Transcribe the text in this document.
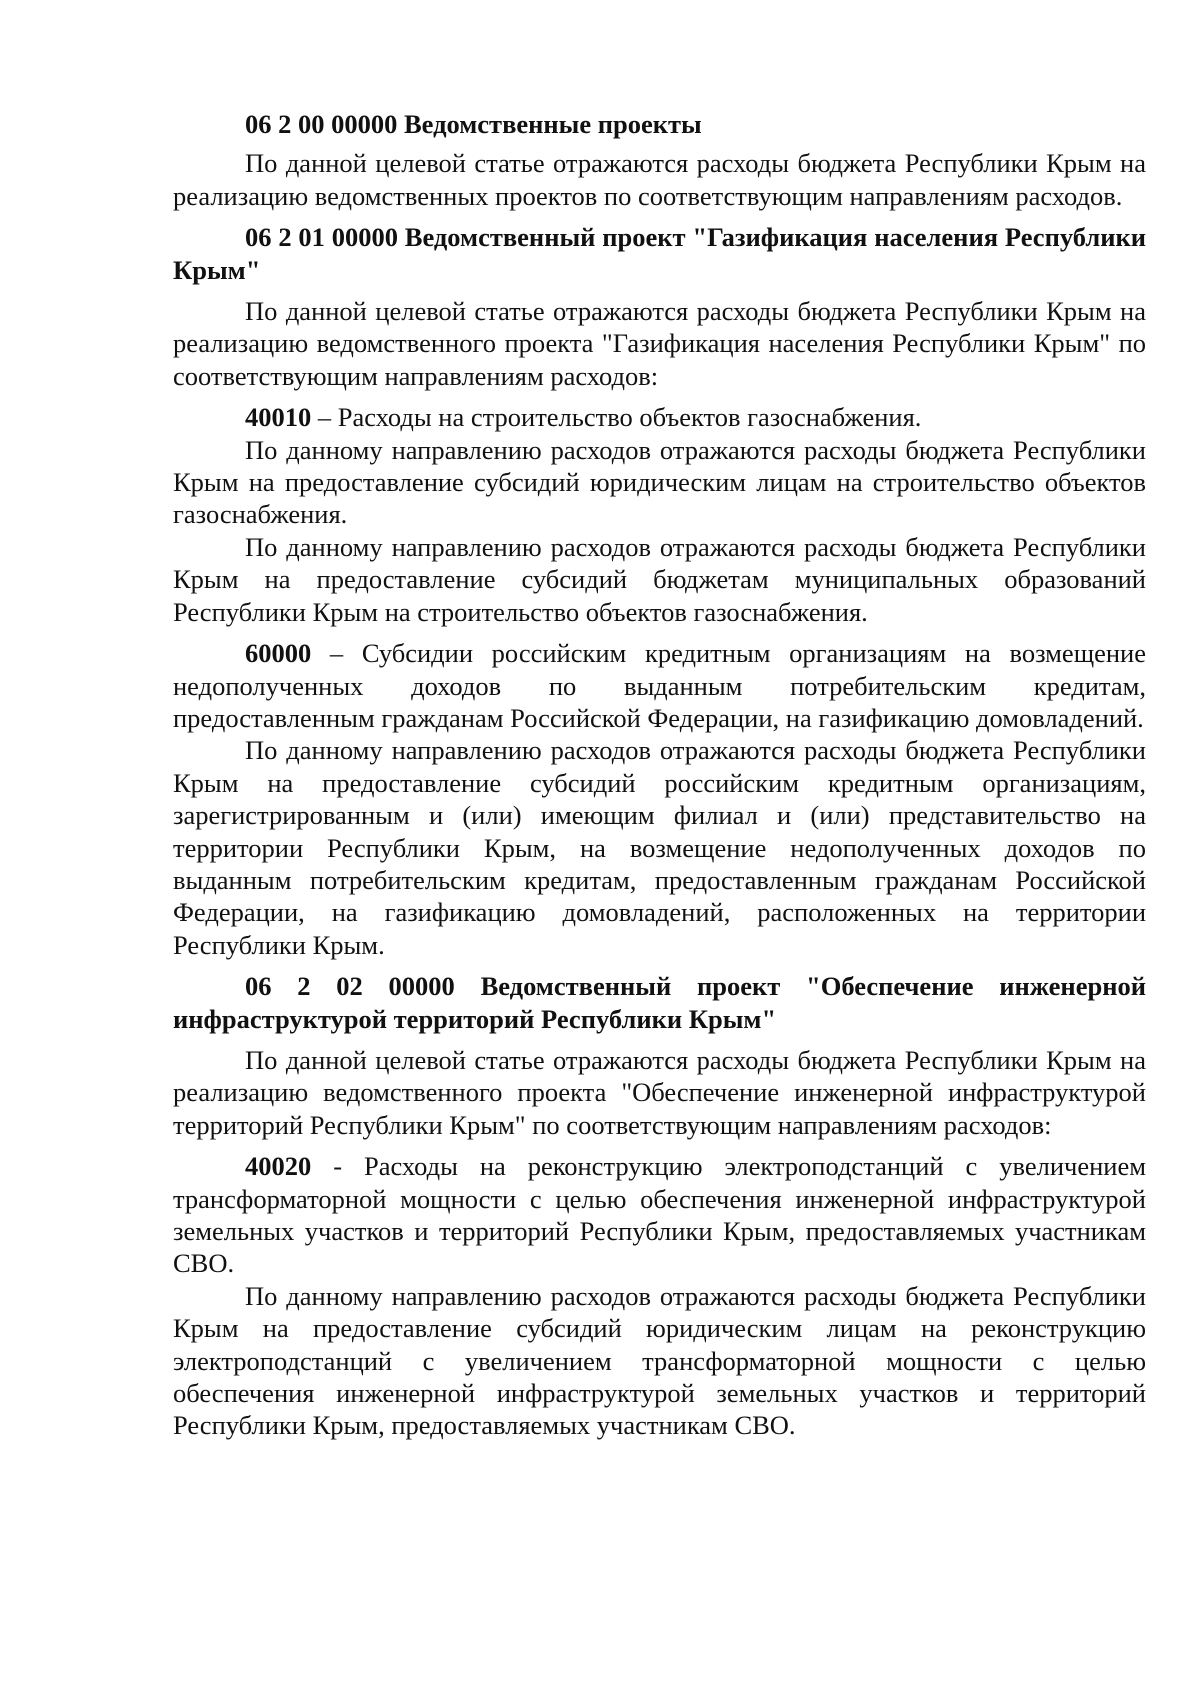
06 2 00 00000 Ведомственные проекты

По данной целевой статье отражаются расходы бюджета Республики Крым на реализацию ведомственных проектов по соответствующим направлениям расходов.

06 2 01 00000 Ведомственный проект "Газификация населения Республики Крым"

По данной целевой статье отражаются расходы бюджета Республики Крым на реализацию ведомственного проекта "Газификация населения Республики Крым" по соответствующим направлениям расходов:

40010 – Расходы на строительство объектов газоснабжения.

По данному направлению расходов отражаются расходы бюджета Республики Крым на предоставление субсидий юридическим лицам на строительство объектов газоснабжения.

По данному направлению расходов отражаются расходы бюджета Республики Крым на предоставление субсидий бюджетам муниципальных образований Республики Крым на строительство объектов газоснабжения.

60000 – Субсидии российским кредитным организациям на возмещение недополученных доходов по выданным потребительским кредитам, предоставленным гражданам Российской Федерации, на газификацию домовладений.

По данному направлению расходов отражаются расходы бюджета Республики Крым на предоставление субсидий российским кредитным организациям, зарегистрированным и (или) имеющим филиал и (или) представительство на территории Республики Крым, на возмещение недополученных доходов по выданным потребительским кредитам, предоставленным гражданам Российской Федерации, на газификацию домовладений, расположенных на территории Республики Крым.

06 2 02 00000 Ведомственный проект "Обеспечение инженерной инфраструктурой территорий Республики Крым"

По данной целевой статье отражаются расходы бюджета Республики Крым на реализацию ведомственного проекта "Обеспечение инженерной инфраструктурой территорий Республики Крым" по соответствующим направлениям расходов:

40020 - Расходы на реконструкцию электроподстанций с увеличением трансформаторной мощности с целью обеспечения инженерной инфраструктурой земельных участков и территорий Республики Крым, предоставляемых участникам СВО.

По данному направлению расходов отражаются расходы бюджета Республики Крым на предоставление субсидий юридическим лицам на реконструкцию электроподстанций с увеличением трансформаторной мощности с целью обеспечения инженерной инфраструктурой земельных участков и территорий Республики Крым, предоставляемых участникам СВО.
